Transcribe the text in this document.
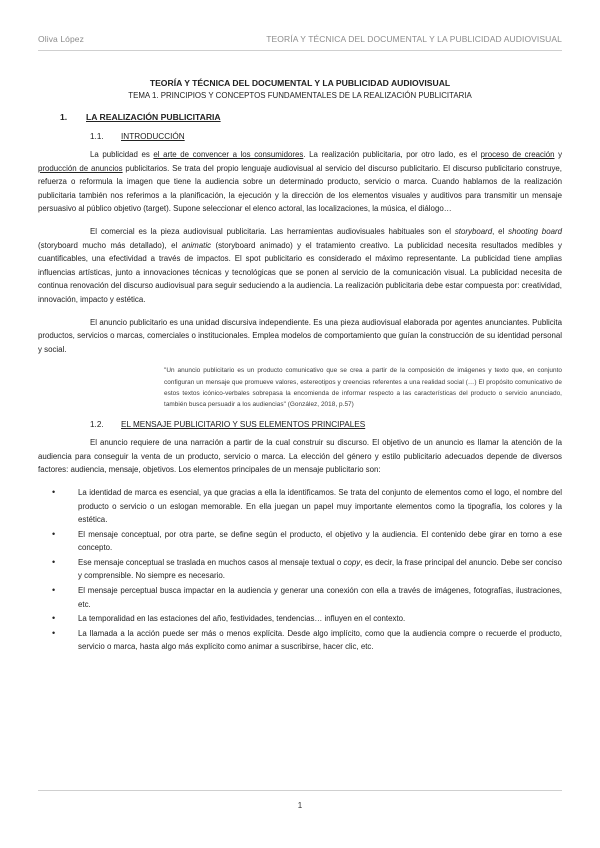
Oliva López	TEORÍA Y TÉCNICA DEL DOCUMENTAL Y LA PUBLICIDAD AUDIOVISUAL
TEORÍA Y TÉCNICA DEL DOCUMENTAL Y LA PUBLICIDAD AUDIOVISUAL
TEMA 1. PRINCIPIOS Y CONCEPTOS FUNDAMENTALES DE LA REALIZACIÓN PUBLICITARIA
1. LA REALIZACIÓN PUBLICITARIA
1.1. INTRODUCCIÓN

La publicidad es el arte de convencer a los consumidores. La realización publicitaria, por otro lado, es el proceso de creación y producción de anuncios publicitarios. Se trata del propio lenguaje audiovisual al servicio del discurso publicitario. El discurso publicitario construye, refuerza o reformula la imagen que tiene la audiencia sobre un determinado producto, servicio o marca. Cuando hablamos de la realización publicitaria también nos referimos a la planificación, la ejecución y la dirección de los elementos visuales y auditivos para transmitir un mensaje persuasivo al público objetivo (target). Supone seleccionar el elenco actoral, las localizaciones, la música, el diálogo…

El comercial es la pieza audiovisual publicitaria. Las herramientas audiovisuales habituales son el storyboard, el shooting board (storyboard mucho más detallado), el animatic (storyboard animado) y el tratamiento creativo. La publicidad necesita resultados medibles y cuantificables, una efectividad a través de impactos. El spot publicitario es considerado el máximo representante. La publicidad tiene amplias influencias artísticas, junto a innovaciones técnicas y tecnológicas que se ponen al servicio de la comunicación visual. La publicidad necesita de continua renovación del discurso audiovisual para seguir seduciendo a la audiencia. La realización publicitaria debe estar compuesta por: creatividad, innovación, impacto y estética.

El anuncio publicitario es una unidad discursiva independiente. Es una pieza audiovisual elaborada por agentes anunciantes. Publicita productos, servicios o marcas, comerciales o institucionales. Emplea modelos de comportamiento que guían la construcción de su identidad personal y social.

"Un anuncio publicitario es un producto comunicativo que se crea a partir de la composición de imágenes y texto que, en conjunto configuran un mensaje que promueve valores, estereotipos y creencias referentes a una realidad social (…) El propósito comunicativo de estos textos icónico-verbales sobrepasa la encomienda de informar respecto a las características del producto o servicio anunciado, también busca persuadir a los audiencias" (González, 2018, p.57)
1.2. EL MENSAJE PUBLICITARIO Y SUS ELEMENTOS PRINCIPALES

El anuncio requiere de una narración a partir de la cual construir su discurso. El objetivo de un anuncio es llamar la atención de la audiencia para conseguir la venta de un producto, servicio o marca. La elección del género y estilo publicitario adecuados depende de diversos factores: audiencia, mensaje, objetivos. Los elementos principales de un mensaje publicitario son:

• La identidad de marca es esencial, ya que gracias a ella la identificamos. Se trata del conjunto de elementos como el logo, el nombre del producto o servicio o un eslogan memorable. En ella juegan un papel muy importante elementos como la tipografía, los colores y la estética.
• El mensaje conceptual, por otra parte, se define según el producto, el objetivo y la audiencia. El contenido debe girar en torno a ese concepto.
• Ese mensaje conceptual se traslada en muchos casos al mensaje textual o copy, es decir, la frase principal del anuncio. Debe ser conciso y comprensible. No siempre es necesario.
• El mensaje perceptual busca impactar en la audiencia y generar una conexión con ella a través de imágenes, fotografías, ilustraciones, etc.
• La temporalidad en las estaciones del año, festividades, tendencias… influyen en el contexto.
• La llamada a la acción puede ser más o menos explícita. Desde algo implícito, como que la audiencia compre o recuerde el producto, servicio o marca, hasta algo más explícito como animar a suscribirse, hacer clic, etc.
1
